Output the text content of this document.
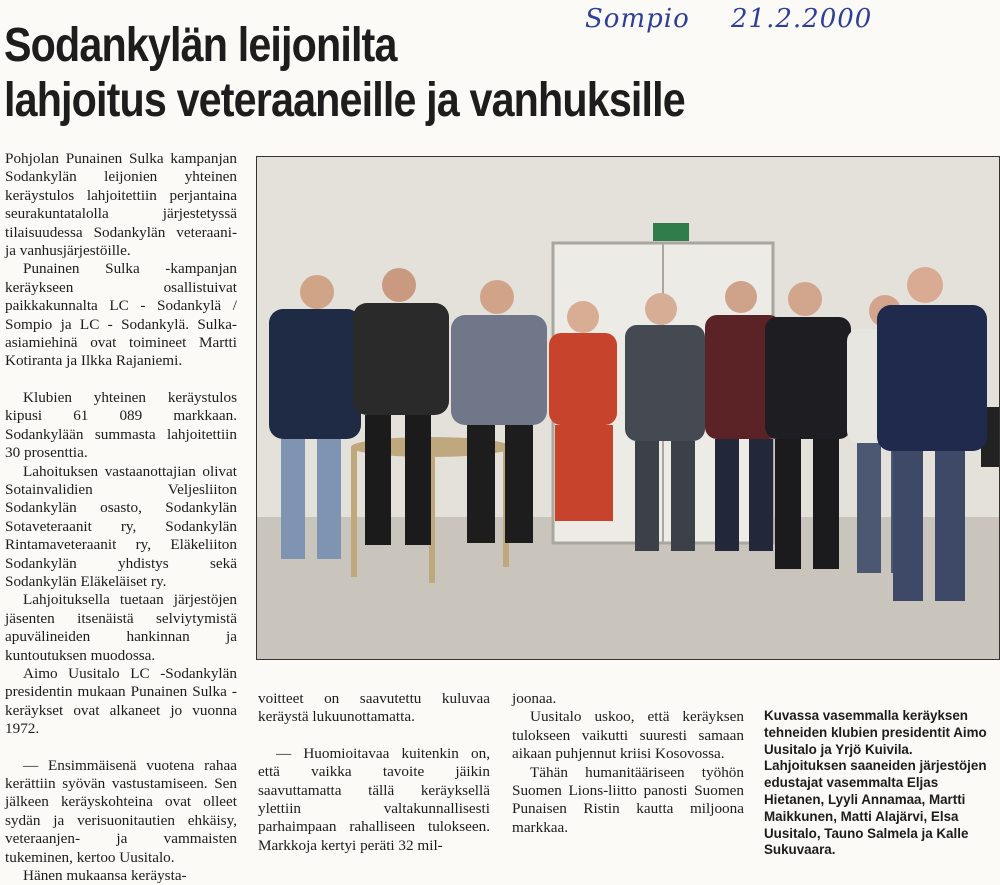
Sompio 21.2.2000
Sodankylän leijonilta
lahjoitus veteraaneille ja vanhuksille

Pohjolan Punainen Sulka kampanjan Sodankylän leijonien yhteinen keräystulos lahjoitettiin perjantaina seurakuntatalolla järjestetyssä tilaisuudessa Sodankylän veteraani- ja vanhusjärjestöille.

Punainen Sulka -kampanjan keräykseen osallistuivat paikkakunnalta LC - Sodankylä / Sompio ja LC - Sodankylä. Sulka-asiamiehinä ovat toimineet Martti Kotiranta ja Ilkka Rajaniemi.

Klubien yhteinen keräystulos kipusi 61 089 markkaan. Sodankylään summasta lahjoitettiin 30 prosenttia.

Lahoituksen vastaanottajian olivat Sotainvalidien Veljesliiton Sodankylän osasto, Sodankylän Sotaveteraanit ry, Sodankylän Rintamaveteraanit ry, Eläkeliiton Sodankylän yhdistys sekä Sodankylän Eläkeläiset ry.

Lahjoituksella tuetaan järjestöjen jäsenten itsenäistä selviytymistä apuvälineiden hankinnan ja kuntoutuksen muodossa.

Aimo Uusitalo LC -Sodankylän presidentin mukaan Punainen Sulka -keräykset ovat alkaneet jo vuonna 1972.

— Ensimmäisenä vuotena rahaa kerättiin syövän vastustamiseen. Sen jälkeen keräyskohteina ovat olleet sydän ja verisuonitautien ehkäisy, veteraanjen- ja vammaisten tukeminen, kertoo Uusitalo.

Hänen mukaansa keräysta-

voitteet on saavutettu kuluvaa keräystä lukuunottamatta.

— Huomioitavaa kuitenkin on, että vaikka tavoite jäikin saavuttamatta tällä keräyksellä ylettiin valtakunnallisesti parhaimpaan rahalliseen tulokseen. Markkoja kertyi peräti 32 mil-

joonaa.

Uusitalo uskoo, että keräyksen tulokseen vaikutti suuresti samaan aikaan puhjennut kriisi Kosovossa.

Tähän humanitääriseen työhön Suomen Lions-liitto panosti Suomen Punaisen Ristin kautta miljoona markkaa.

Kuvassa vasemmalla keräyksen tehneiden klubien presidentit Aimo Uusitalo ja Yrjö Kuivila. Lahjoituksen saaneiden järjestöjen edustajat vasemmalta Eljas Hietanen, Lyyli Annamaa, Martti Maikkunen, Matti Alajärvi, Elsa Uusitalo, Tauno Salmela ja Kalle Sukuvaara.
